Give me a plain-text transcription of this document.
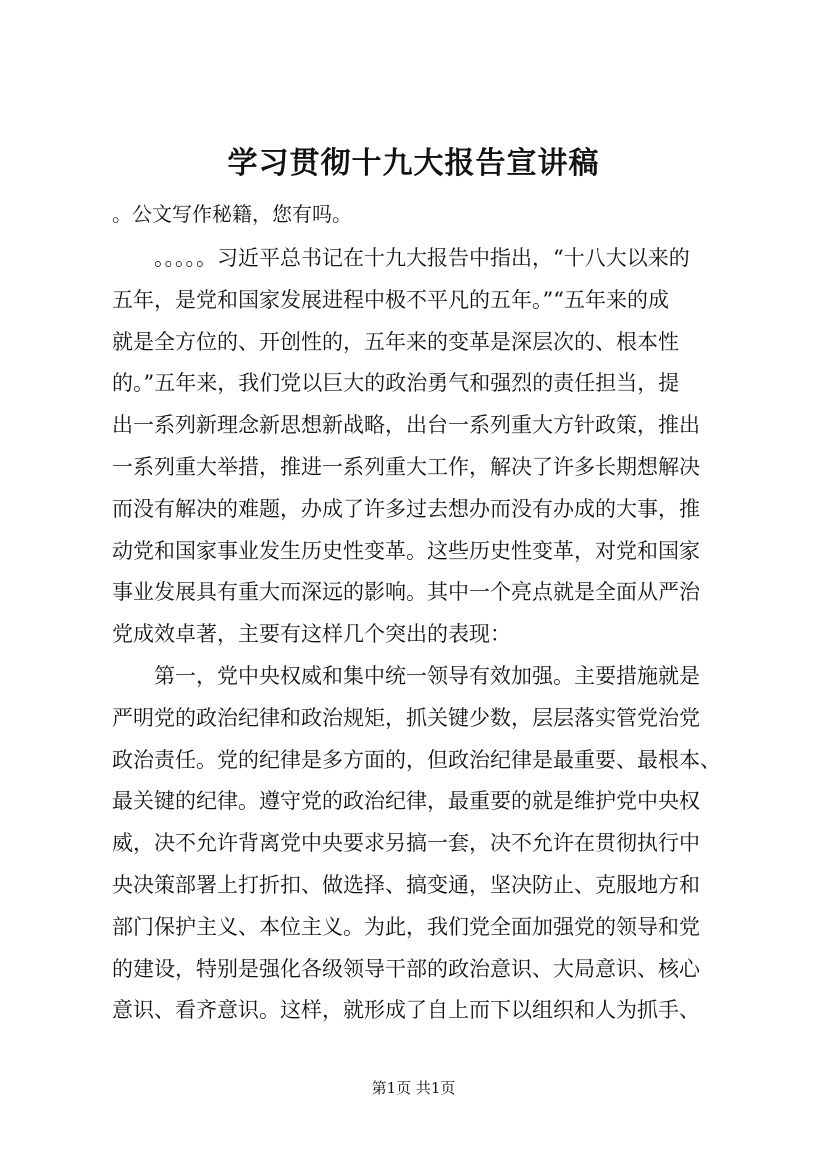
学习贯彻十九大报告宣讲稿

。公文写作秘籍，您有吗。

。。。。。习近平总书记在十九大报告中指出，“十八大以来的

五年，是党和国家发展进程中极不平凡的五年。”“五年来的成

就是全方位的、开创性的，五年来的变革是深层次的、根本性

的。”五年来，我们党以巨大的政治勇气和强烈的责任担当，提

出一系列新理念新思想新战略，出台一系列重大方针政策，推出

一系列重大举措，推进一系列重大工作，解决了许多长期想解决

而没有解决的难题，办成了许多过去想办而没有办成的大事，推

动党和国家事业发生历史性变革。这些历史性变革，对党和国家

事业发展具有重大而深远的影响。其中一个亮点就是全面从严治

党成效卓著，主要有这样几个突出的表现：

第一，党中央权威和集中统一领导有效加强。主要措施就是

严明党的政治纪律和政治规矩，抓关键少数，层层落实管党治党

政治责任。党的纪律是多方面的，但政治纪律是最重要、最根本、

最关键的纪律。遵守党的政治纪律，最重要的就是维护党中央权

威，决不允许背离党中央要求另搞一套，决不允许在贯彻执行中

央决策部署上打折扣、做选择、搞变通，坚决防止、克服地方和

部门保护主义、本位主义。为此，我们党全面加强党的领导和党

的建设，特别是强化各级领导干部的政治意识、大局意识、核心

意识、看齐意识。这样，就形成了自上而下以组织和人为抓手、

第1页 共1页
